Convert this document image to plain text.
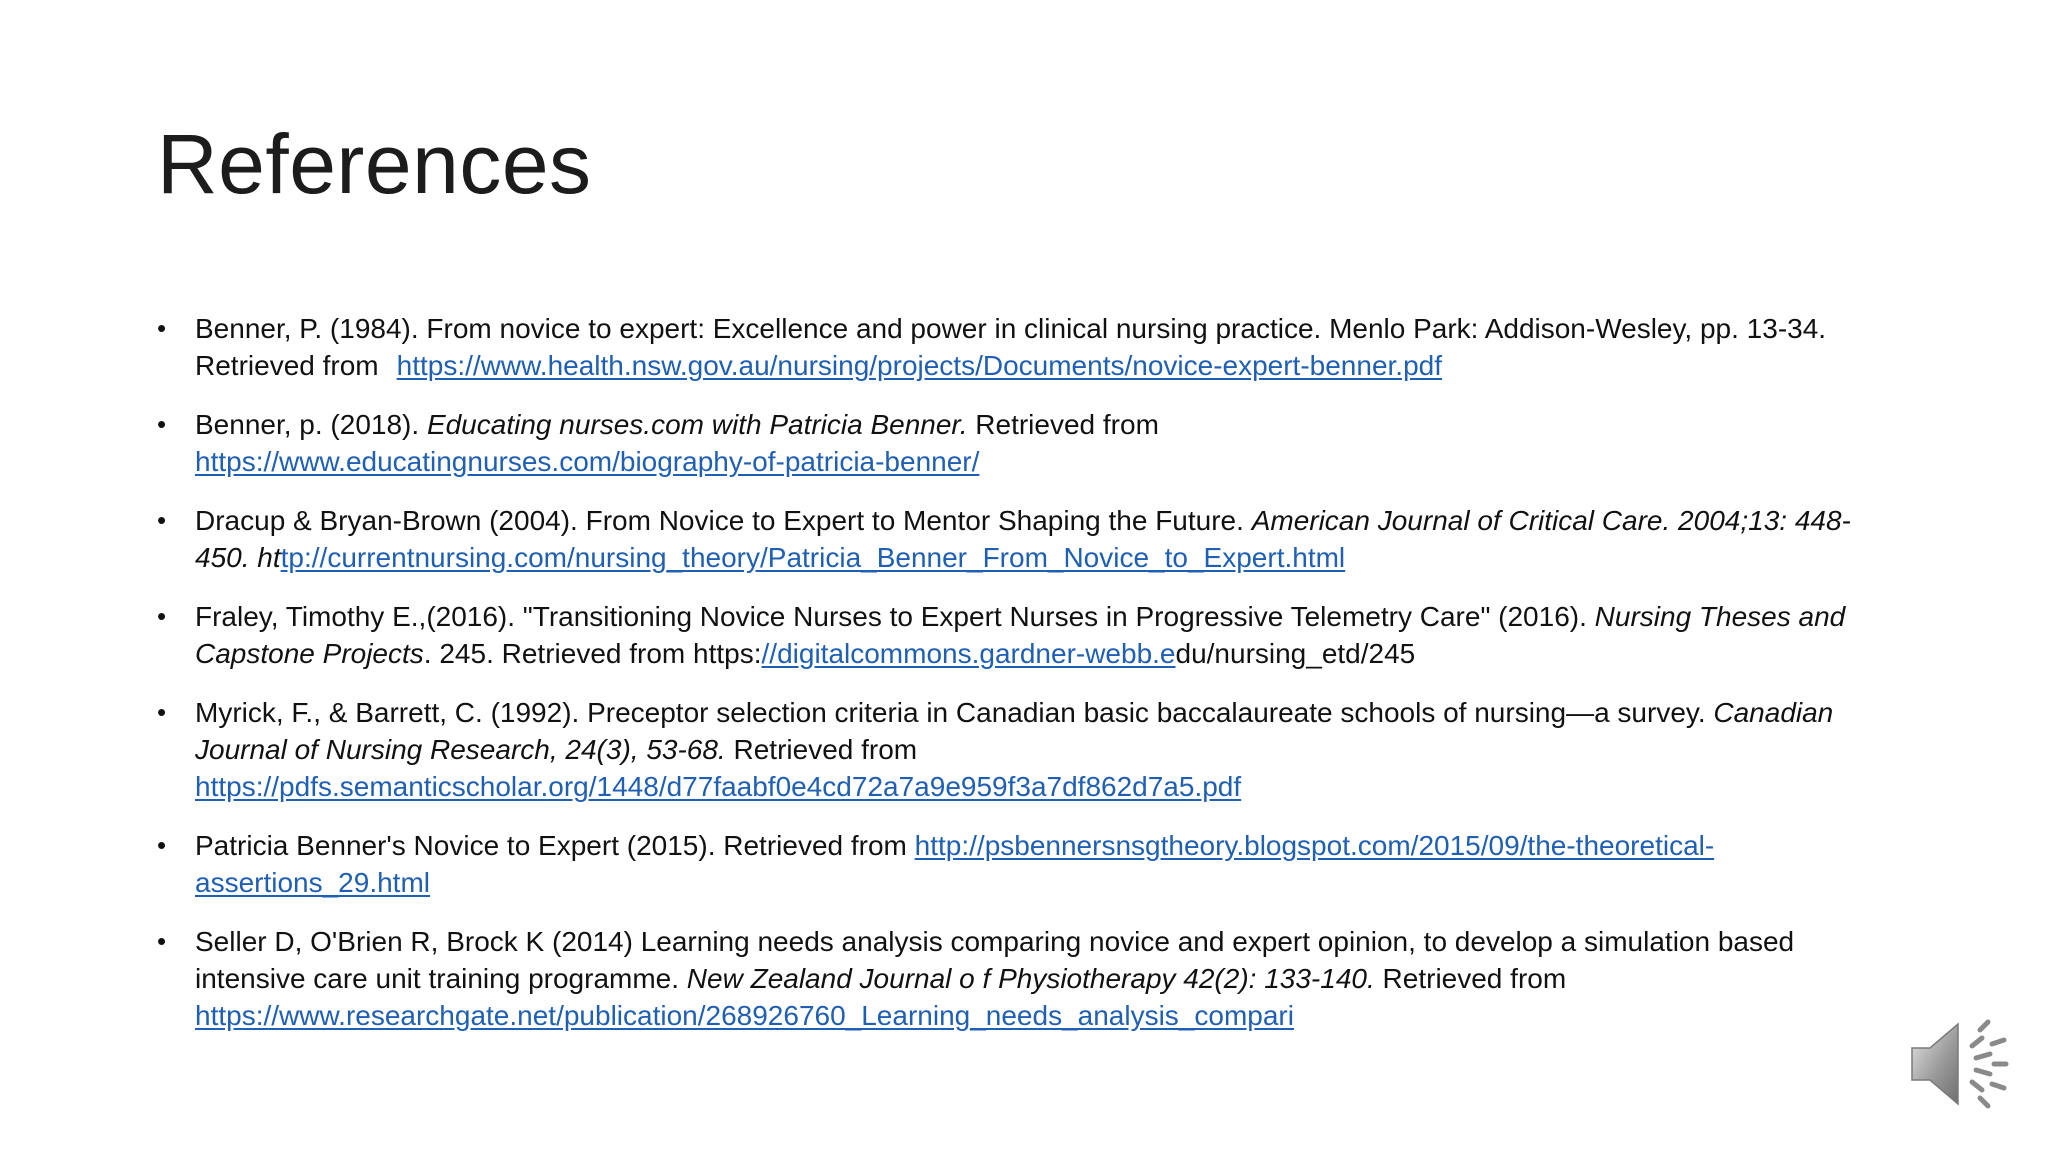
References
•	Benner, P. (1984). From novice to expert: Excellence and power in clinical nursing practice. Menlo Park: Addison-Wesley, pp. 13-34. Retrieved from https://www.health.nsw.gov.au/nursing/projects/Documents/novice-expert-benner.pdf
•	Benner, p. (2018). Educating nurses.com with Patricia Benner. Retrieved from
https://www.educatingnurses.com/biography-of-patricia-benner/
•	Dracup & Bryan-Brown (2004). From Novice to Expert to Mentor Shaping the Future. American Journal of Critical Care. 2004;13: 448-450. http://currentnursing.com/nursing_theory/Patricia_Benner_From_Novice_to_Expert.html
•	Fraley, Timothy E.,(2016). "Transitioning Novice Nurses to Expert Nurses in Progressive Telemetry Care" (2016). Nursing Theses and Capstone Projects. 245. Retrieved from https://digitalcommons.gardner-webb.edu/nursing_etd/245
•	Myrick, F., & Barrett, C. (1992). Preceptor selection criteria in Canadian basic baccalaureate schools of nursing—a survey. Canadian Journal of Nursing Research, 24(3), 53-68. Retrieved from
https://pdfs.semanticscholar.org/1448/d77faabf0e4cd72a7a9e959f3a7df862d7a5.pdf
•	Patricia Benner's Novice to Expert (2015). Retrieved from http://psbennersnsgtheory.blogspot.com/2015/09/the-theoretical-assertions_29.html
•	Seller D, O'Brien R, Brock K (2014) Learning needs analysis comparing novice and expert opinion, to develop a simulation based intensive care unit training programme. New Zealand Journal o f Physiotherapy 42(2): 133-140. Retrieved from
https://www.researchgate.net/publication/268926760_Learning_needs_analysis_compari
